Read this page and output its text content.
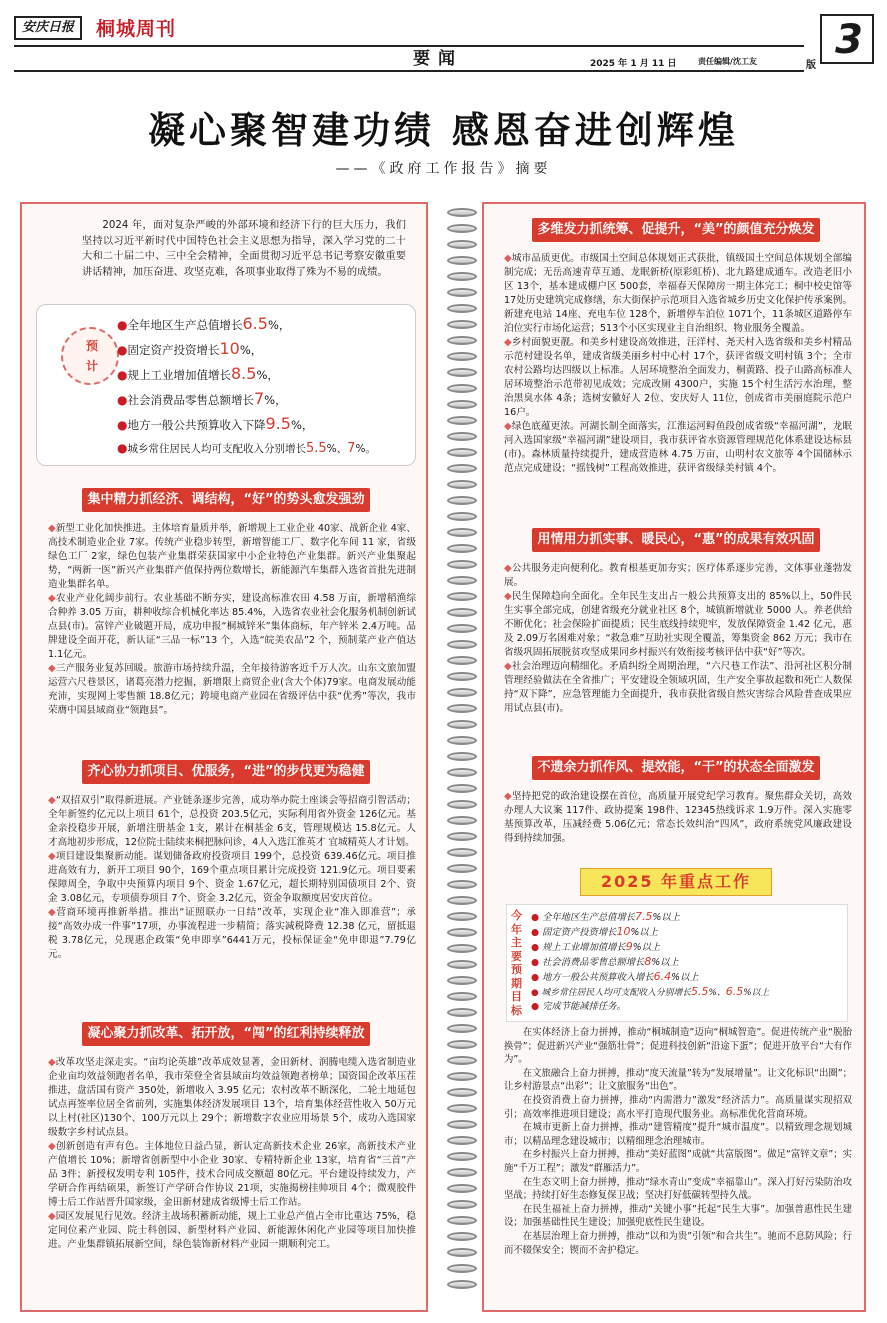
安庆日报	桐城周刊
要闻	2025 年 1 月 11 日	责任编辑/沈工友	3
版
凝心聚智建功绩 感恩奋进创辉煌
——《政府工作报告》摘要
2024 年，面对复杂严峻的外部环境和经济下行的巨大压力，我们坚持以习近平新时代中国特色社会主义思想为指导，深入学习党的二十大和二十届二中、三中全会精神，全面贯彻习近平总书记考察安徽重要讲话精神，加压奋进、攻坚克难，各项事业取得了殊为不易的成绩。
预
计
●全年地区生产总值增长6.5%，
●固定资产投资增长10%，
●规上工业增加值增长8.5%，
●社会消费品零售总额增长7%，
●地方一般公共预算收入下降9.5%，
●城乡常住居民人均可支配收入分别增长5.5%、7%。
集中精力抓经济、调结构，“好”的势头愈发强劲

◆新型工业化加快推进。主体培育量质并举，新增规上工业企业 40家、战新企业 4家、高技术制造业企业 7家。传统产业稳步转型，新增智能工厂、数字化车间 11 家，省级绿色工厂 2家，绿色包装产业集群荣获国家中小企业特色产业集群。新兴产业集聚起势，“两新一医”新兴产业集群产值保持两位数增长，新能源汽车集群入选省首批先进制造业集群名单。

◆农业产业化阔步前行。农业基础不断夯实，建设高标准农田 4.58 万亩，新增稻渔综合种养 3.05 万亩，耕种收综合机械化率达 85.4%，入选省农业社会化服务机制创新试点县(市)。富锌产业破题开局，成功申报“桐城锌米”集体商标，年产锌米 2.4万吨。品牌建设全面开花，新认证“三品一标”13 个，入选“皖美农品”2 个，预制菜产业产值达 1.1亿元。

◆三产服务业复苏回暖。旅游市场持续升温，全年接待游客近千万人次。山东文旅加盟运营六尺巷景区，诸葛亮潜力挖掘，新增限上商贸企业(含大个体)79家。电商发展动能充沛，实现网上零售额 18.8亿元；跨境电商产业园在省级评估中获“优秀”等次，我市荣膺中国县域商业“领跑县”。

齐心协力抓项目、优服务，“进”的步伐更为稳健

◆“双招双引”取得新进展。产业链条逐步完善，成功举办院士座谈会等招商引智活动；全年新签约亿元以上项目 61个，总投资 203.5亿元，实际利用省外资金 126亿元。基金亲投稳步开展，新增注册基金 1支，累计在桐基金 6支，管理规模达 15.8亿元。人才高地初步形成，12位院士陆续来桐把脉问诊，4人入选江淮英才 宜城精英人才计划。

◆项目建设集聚新动能。谋划储备政府投资项目 199个，总投资 639.46亿元。项目推进高效有力，新开工项目 90个，169个重点项目累计完成投资 121.9亿元。项目要素保障周全，争取中央预算内项目 9个、资金 1.67亿元，超长期特别国债项目 2个、资金 3.08亿元，专项债券项目 7个、资金 3.2亿元，资金争取额度居安庆首位。

◆营商环境再推新举措。推出“证照联办一日结”改革，实现企业“准入即准营”；承接“高效办成一件事”17项，办事流程进一步精简；落实减税降费 12.38 亿元，留抵退税 3.78亿元，兑现惠企政策“免申即享”6441万元，投标保证金“免申即退”7.79亿元。

凝心聚力抓改革、拓开放，“闯”的红利持续释放

◆改革攻坚走深走实。“亩均论英雄”改革成效显著，金田新材、润腾电缆入选省制造业企业亩均效益领跑者名单，我市荣登全省县域亩均效益领跑者榜单；国资国企改革压茬推进，盘活国有资产 350处，新增收入 3.95 亿元；农村改革不断深化，二轮土地延包试点再签率位居全省前列，实施集体经济发展项目 13个，培育集体经营性收入 50万元以上村(社区)130个、100万元以上 29个；新增数字农业应用场景 5个，成功入选国家级数字乡村试点县。

◆创新创造有声有色。主体地位日益凸显，新认定高新技术企业 26家，高新技术产业产值增长 10%；新增省创新型中小企业 30家、专精特新企业 13家，培育省“三首”产品 3件；新授权发明专利 105件，技术合同成交额超 80亿元。平台建设持续发力，产学研合作再结硕果，新签订产学研合作协议 21项，实施揭榜挂帅项目 4个；微观胶件博士后工作站晋升国家级，金田新材建成省级博士后工作站。

◆园区发展见行见效。经济主战场积蓄新动能，规上工业总产值占全市比重达 75%，稳定同位素产业园、院士科创园、新型材料产业园、新能源休闲化产业园等项目加快推进。产业集群镇拓展新空间，绿色装饰新材料产业园一期顺利完工。

多维发力抓统筹、促提升，“美”的颜值充分焕发

◆城市品质更优。市级国土空间总体规划正式获批，镇级国土空间总体规划全部编制完成；无岳高速青草互通、龙眠新桥(原彩虹桥)、北九路建成通车。改造老旧小区 13个，基本建成棚户区 500套，幸福春天保障房一期主体完工；桐中校史馆等 17处历史建筑完成修缮，东大街保护示范项目入选省城乡历史文化保护传承案例。新建充电站 14座、充电车位 128个，新增停车泊位 1071个，11条城区道路停车泊位实行市场化运营；513个小区实现业主自治组织、物业服务全覆盖。

◆乡村面貌更靓。和美乡村建设高效推进，汪洋村、尧天村入选省级和美乡村精品示范村建设名单，建成省级美丽乡村中心村 17个，获评省级文明村镇 3个；全市农村公路均达四级以上标准。人居环境整治全面发力，桐黄路、投子山路高标准人居环境整治示范带初见成效；完成改厕 4300户，实施 15个村生活污水治理，整治黑臭水体 4条；选树安徽好人 2位、安庆好人 11位，创成省市美丽庭院示范户 16户。

◆绿色底蕴更浓。河湖长制全面落实，江淮运河鲟鱼段创成省级“幸福河湖”，龙眠河入选国家级“幸福河湖”建设项目，我市获评省水资源管理规范化体系建设达标县(市)。森林质量持续提升，建成营造林 4.75 万亩，山明村农文旅等 4个国储林示范点完成建设；“摇钱树”工程高效推进，获评省级绿美村镇 4个。

用情用力抓实事、暖民心，“惠”的成果有效巩固

◆公共服务走向便利化。教育根基更加夯实；医疗体系逐步完善，文体事业蓬勃发展。

◆民生保障趋向全面化。全年民生支出占一般公共预算支出的 85%以上，50件民生实事全部完成，创建省级充分就业社区 8个，城镇新增就业 5000 人。养老供给不断优化；社会保险扩面提质；民生底线持续兜牢，发放保障资金 1.42 亿元，惠及 2.09万名困难对象；“救急难”互助社实现全覆盖，筹集资金 862 万元；我市在省级巩固拓展脱贫攻坚成果同乡村振兴有效衔接考核评估中获“好”等次。

◆社会治理迈向精细化。矛盾纠纷全周期治理，“六尺巷工作法”、沿河社区积分制管理经验做法在全省推广；平安建设全领域巩固，生产安全事故起数和死亡人数保持“双下降”，应急管理能力全面提升，我市获批省级自然灾害综合风险普查成果应用试点县(市)。

不遗余力抓作风、提效能，“干”的状态全面激发

◆坚持把党的政治建设摆在首位，高质量开展党纪学习教育。聚焦群众关切，高效办理人大议案 117件、政协提案 198件、12345热线诉求 1.9万件。深入实施零基预算改革，压减经费 5.06亿元；常态长效纠治“四风”，政府系统党风廉政建设得到持续加强。

2025 年重点工作
今年主要预期目标
● 全年地区生产总值增长7.5%以上
● 固定资产投资增长10%以上
● 规上工业增加值增长9%以上
● 社会消费品零售总额增长8%以上
● 地方一般公共预算收入增长6.4%以上
● 城乡常住居民人均可支配收入分别增长5.5%、6.5%以上
● 完成节能减排任务。

在实体经济上奋力拼搏，推动“桐城制造”迈向“桐城智造”。促进传统产业“脱胎换骨”；促进新兴产业“强筋壮骨”；促进科技创新“沿途下蛋”；促进开放平台“大有作为”。

在文旅融合上奋力拼搏，推动“度天流量”转为“发展增量”。让文化标识“出圈”；让乡村游景点“出彩”；让文旅服务“出色”。

在投资消费上奋力拼搏，推动“内需潜力”激发“经济活力”。高质量谋实现招双引；高效率推进项目建设；高水平打造现代服务业。高标准优化营商环境。

在城市更新上奋力拼搏，推动“建管精度”提升“城市温度”。以精致理念规划城市；以精品理念建设城市；以精细理念治理城市。

在乡村振兴上奋力拼搏，推动“美好蓝图”成就“共富版图”。做足“富锌文章”；实施“千万工程”；激发“群雁活力”。

在生态文明上奋力拼搏，推动“绿水青山”变成“幸福靠山”。深入打好污染防治攻坚战；持续打好生态修复保卫战；坚决打好低碳转型持久战。

在民生福祉上奋力拼搏，推动“关键小事”托起“民生大事”。加强普惠性民生建设；加强基础性民生建设；加强兜底性民生建设。

在基层治理上奋力拼搏，推动“以和为贵”引领“和合共生”。驰而不息防风险；行而不辍保安全；锲而不舍护稳定。
